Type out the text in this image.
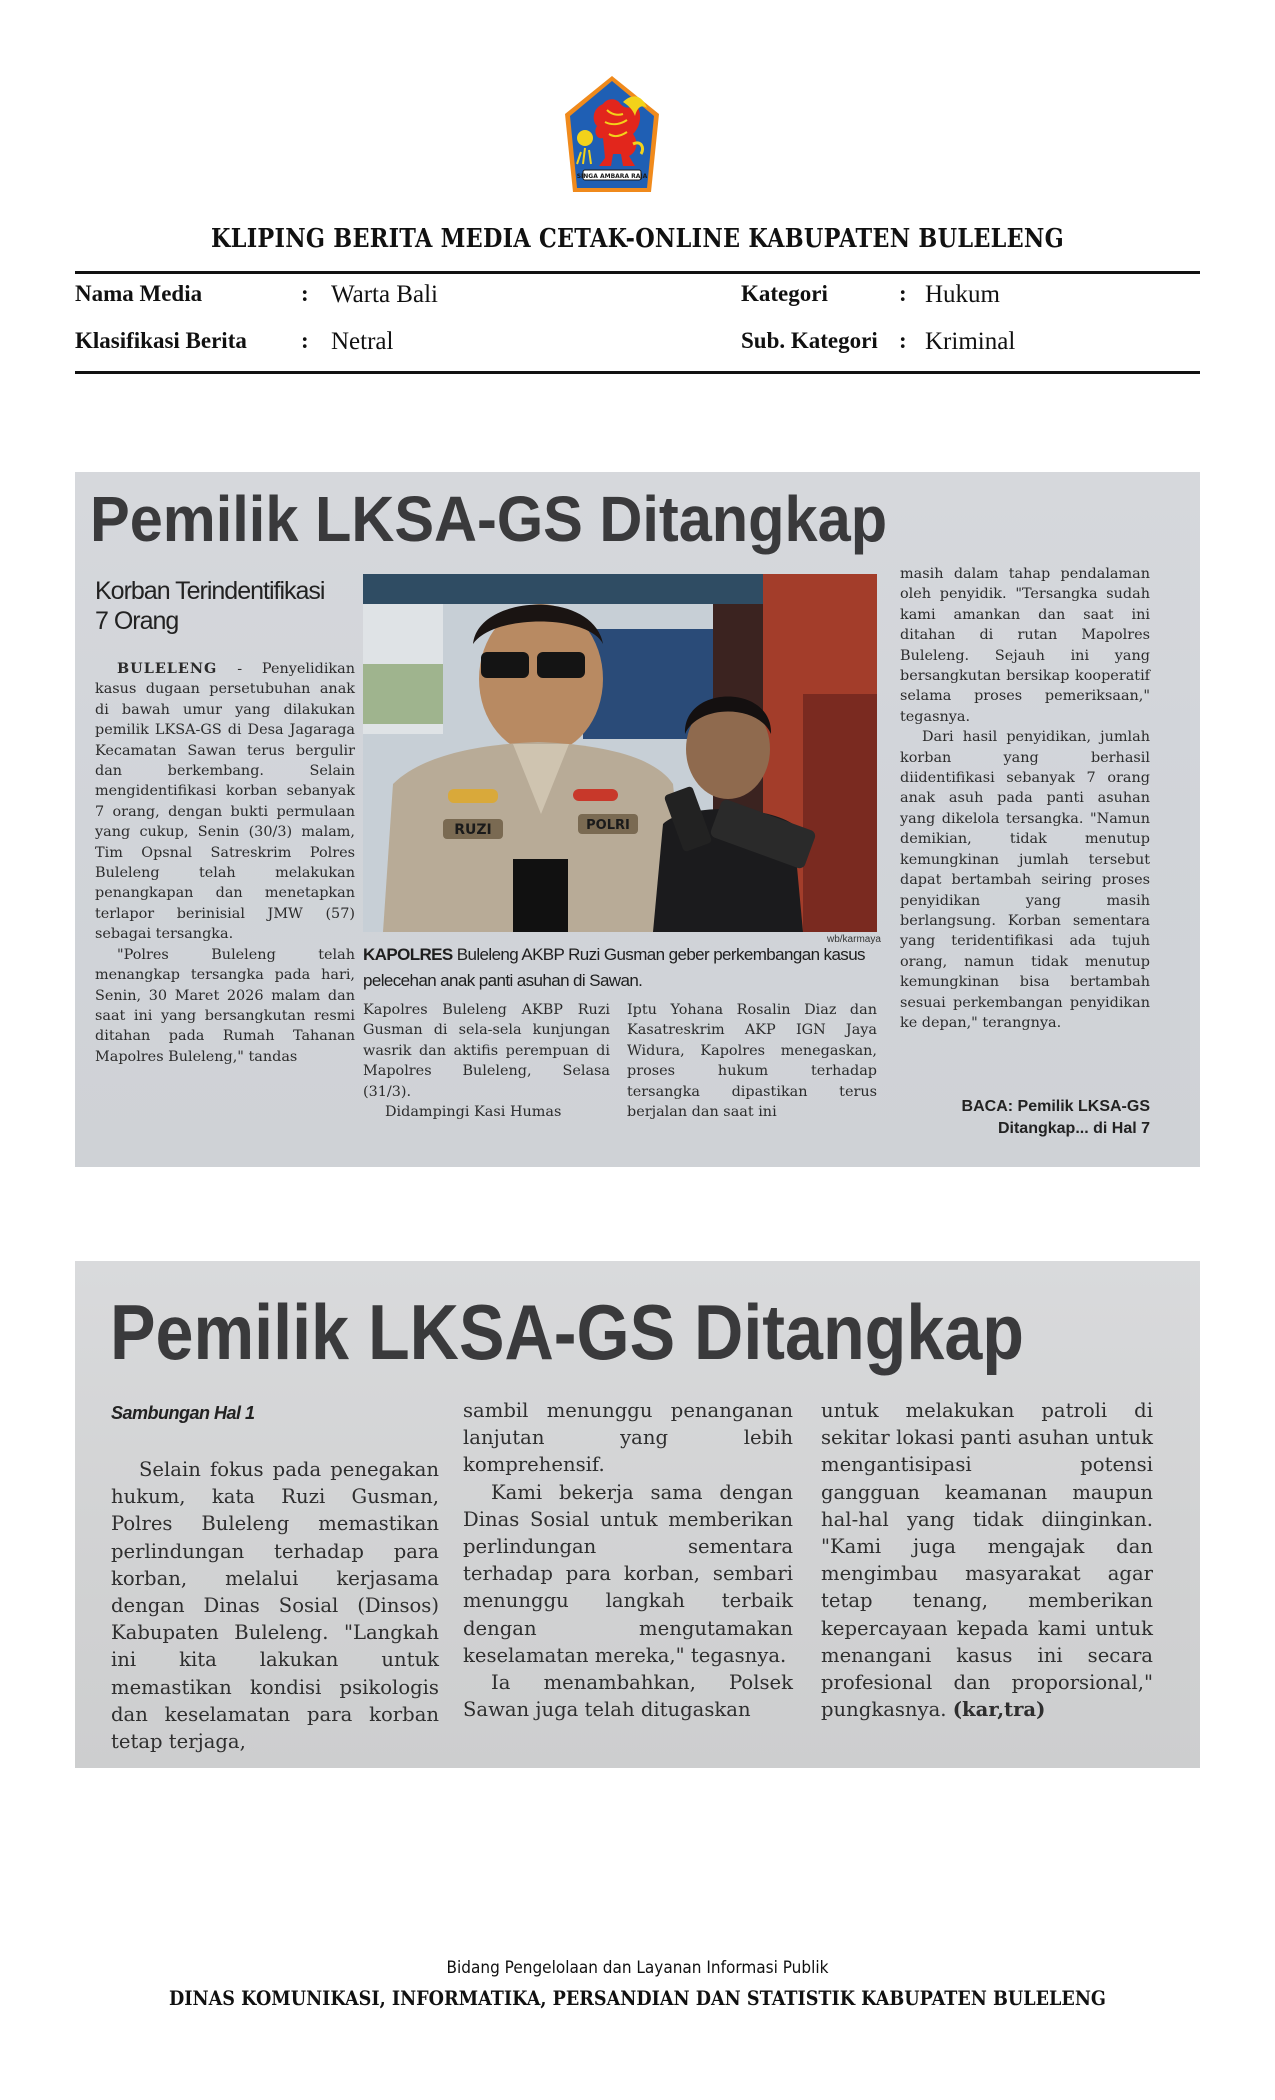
SINGA AMBARA RAJA
KLIPING BERITA MEDIA CETAK-ONLINE KABUPATEN BULELENG
Nama Media	: Warta Bali
Klasifikasi Berita : Netral
Kategori	: Hukum
Sub. Kategori : Kriminal
Pemilik LKSA-GS Ditangkap
Korban Terindentifikasi
7 Orang

BULELENG - Penyelidikan kasus dugaan persetubuhan anak di bawah umur yang dilakukan pemilik LKSA-GS di Desa Jagaraga Kecamatan Sawan terus bergulir dan berkembang. Selain mengidentifikasi korban sebanyak 7 orang, dengan bukti permulaan yang cukup, Senin (30/3) malam, Tim Opsnal Satreskrim Polres Buleleng telah melakukan penangkapan dan menetapkan terlapor berinisial JMW (57) sebagai tersangka.

"Polres Buleleng telah menangkap tersangka pada hari, Senin, 30 Maret 2026 malam dan saat ini yang bersangkutan resmi ditahan pada Rumah Tahanan Mapolres Buleleng," tandas

RUZI	POLRI
wb/karmaya
KAPOLRES Buleleng AKBP Ruzi Gusman geber perkembangan kasus pelecehan anak panti asuhan di Sawan.

Kapolres Buleleng AKBP Ruzi Gusman di sela-sela kunjungan wasrik dan aktifis perempuan di Mapolres Buleleng, Selasa (31/3).

Didampingi Kasi Humas

Iptu Yohana Rosalin Diaz dan Kasatreskrim AKP IGN Jaya Widura, Kapolres menegaskan, proses hukum terhadap tersangka dipastikan terus berjalan dan saat ini

masih dalam tahap pendalaman oleh penyidik. "Tersangka sudah kami amankan dan saat ini ditahan di rutan Mapolres Buleleng. Sejauh ini yang bersangkutan bersikap kooperatif selama proses pemeriksaan," tegasnya.

Dari hasil penyidikan, jumlah korban yang berhasil diidentifikasi sebanyak 7 orang anak asuh pada panti asuhan yang dikelola tersangka. "Namun demikian, tidak menutup kemungkinan jumlah tersebut dapat bertambah seiring proses penyidikan yang masih berlangsung. Korban sementara yang teridentifikasi ada tujuh orang, namun tidak menutup kemungkinan bisa bertambah sesuai perkembangan penyidikan ke depan," terangnya.

BACA: Pemilik LKSA-GS
Ditangkap... di Hal 7
Pemilik LKSA-GS Ditangkap
Sambungan Hal 1

Selain fokus pada penegakan hukum, kata Ruzi Gusman, Polres Buleleng memastikan perlindungan terhadap para korban, melalui kerjasama dengan Dinas Sosial (Dinsos) Kabupaten Buleleng. "Langkah ini kita lakukan untuk memastikan kondisi psikologis dan keselamatan para korban tetap terjaga,

sambil menunggu penanganan lanjutan yang lebih komprehensif.

Kami bekerja sama dengan Dinas Sosial untuk memberikan perlindungan sementara terhadap para korban, sembari menunggu langkah terbaik dengan mengutamakan keselamatan mereka," tegasnya.

Ia menambahkan, Polsek Sawan juga telah ditugaskan

untuk melakukan patroli di sekitar lokasi panti asuhan untuk mengantisipasi potensi gangguan keamanan maupun hal-hal yang tidak diinginkan. "Kami juga mengajak dan mengimbau masyarakat agar tetap tenang, memberikan kepercayaan kepada kami untuk menangani kasus ini secara profesional dan proporsional," pungkasnya. (kar,tra)

Bidang Pengelolaan dan Layanan Informasi Publik
DINAS KOMUNIKASI, INFORMATIKA, PERSANDIAN DAN STATISTIK KABUPATEN BULELENG
